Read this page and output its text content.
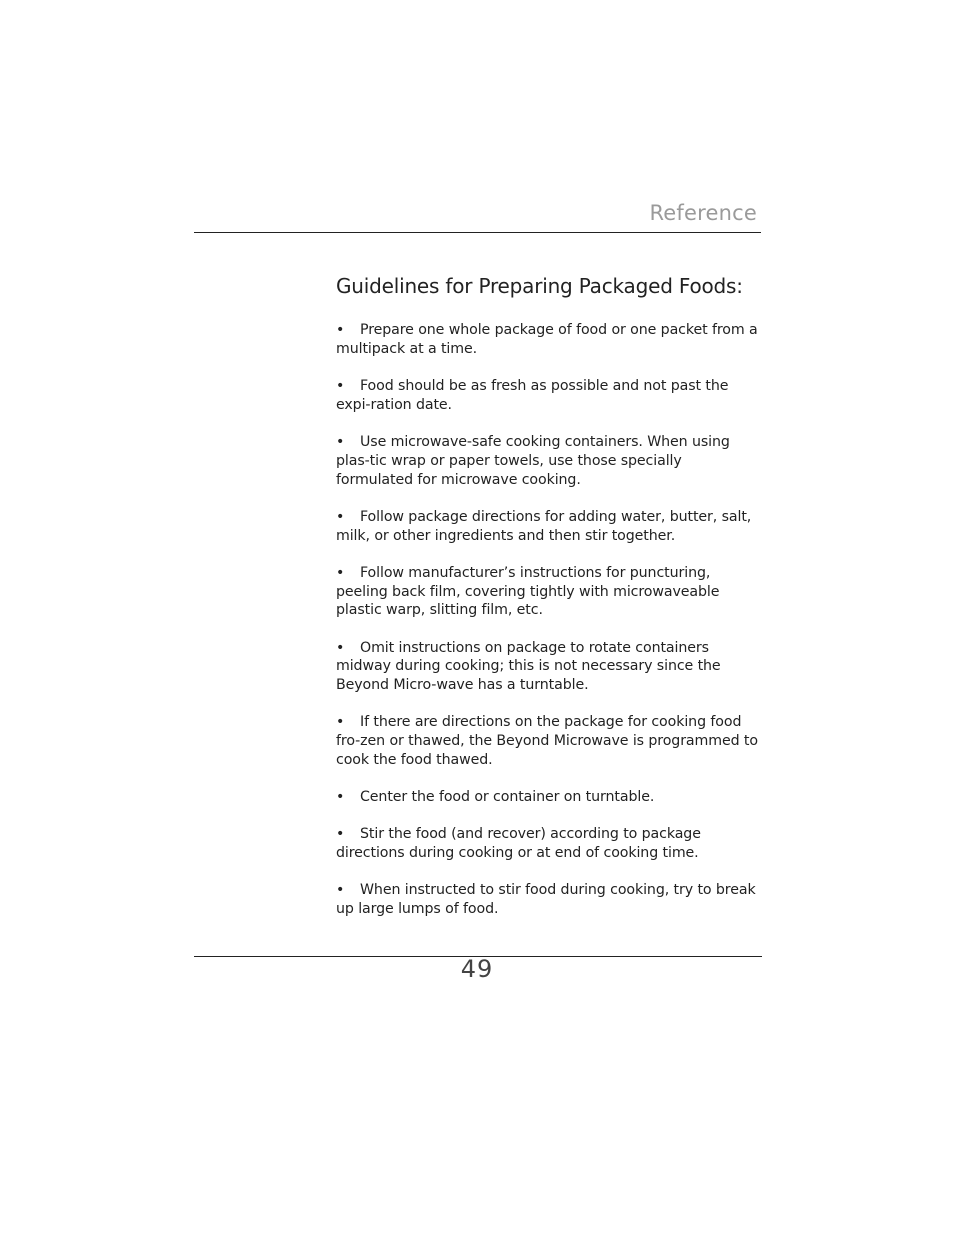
Reference
Guidelines for Preparing Packaged Foods:
• Prepare one whole package of food or one packet from a multipack at a time.
• Food should be as fresh as possible and not past the expi-ration date.
• Use microwave-safe cooking containers. When using plas-tic wrap or paper towels, use those specially formulated for microwave cooking.
• Follow package directions for adding water, butter, salt, milk, or other ingredients and then stir together.
• Follow manufacturer’s instructions for puncturing, peeling back film, covering tightly with microwaveable plastic warp, slitting film, etc.
• Omit instructions on package to rotate containers midway during cooking; this is not necessary since the Beyond Micro-wave has a turntable.
• If there are directions on the package for cooking food fro-zen or thawed, the Beyond Microwave is programmed to cook the food thawed.
• Center the food or container on turntable.
• Stir the food (and recover) according to package directions during cooking or at end of cooking time.
• When instructed to stir food during cooking, try to break up large lumps of food.
49
